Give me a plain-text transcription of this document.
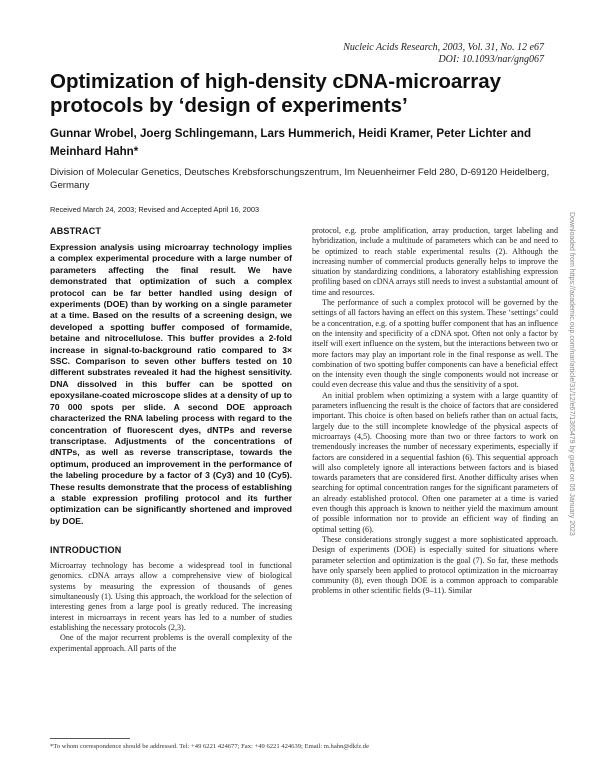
Nucleic Acids Research, 2003, Vol. 31, No. 12 e67
DOI: 10.1093/nar/gng067
Optimization of high-density cDNA-microarray protocols by ‘design of experiments’
Gunnar Wrobel, Joerg Schlingemann, Lars Hummerich, Heidi Kramer, Peter Lichter and Meinhard Hahn*
Division of Molecular Genetics, Deutsches Krebsforschungszentrum, Im Neuenheimer Feld 280, D-69120 Heidelberg, Germany
Received March 24, 2003; Revised and Accepted April 16, 2003
ABSTRACT

Expression analysis using microarray technology implies a complex experimental procedure with a large number of parameters affecting the final result. We have demonstrated that optimization of such a complex protocol can be far better handled using design of experiments (DOE) than by working on a single parameter at a time. Based on the results of a screening design, we developed a spotting buffer composed of formamide, betaine and nitrocellulose. This buffer provides a 2-fold increase in signal-to-background ratio compared to 3× SSC. Comparison to seven other buffers tested on 10 different substrates revealed it had the highest sensitivity. DNA dissolved in this buffer can be spotted on epoxysilane-coated microscope slides at a density of up to 70 000 spots per slide. A second DOE approach characterized the RNA labeling process with regard to the concentration of fluorescent dyes, dNTPs and reverse transcriptase. Adjustments of the concentrations of dNTPs, as well as reverse transcriptase, towards the optimum, produced an improvement in the performance of the labeling procedure by a factor of 3 (Cy3) and 10 (Cy5). These results demonstrate that the process of establishing a stable expression profiling protocol and its further optimization can be significantly shortened and improved by DOE.

INTRODUCTION

Microarray technology has become a widespread tool in functional genomics. cDNA arrays allow a comprehensive view of biological systems by measuring the expression of thousands of genes simultaneously (1). Using this approach, the workload for the selection of interesting genes from a large pool is greatly reduced. The increasing interest in microarrays in recent years has led to a number of studies establishing the necessary protocols (2,3).

One of the major recurrent problems is the overall complexity of the experimental approach. All parts of the

protocol, e.g. probe amplification, array production, target labeling and hybridization, include a multitude of parameters which can be and need to be optimized to reach stable experimental results (2). Although the increasing number of commercial products generally helps to improve the situation by standardizing conditions, a laboratory establishing expression profiling based on cDNA arrays still needs to invest a substantial amount of time and resources.

The performance of such a complex protocol will be governed by the settings of all factors having an effect on this system. These ‘settings’ could be a concentration, e.g. of a spotting buffer component that has an influence on the intensity and specificity of a cDNA spot. Often not only a factor by itself will exert influence on the system, but the interactions between two or more factors may play an important role in the final response as well. The combination of two spotting buffer components can have a beneficial effect on the intensity even though the single components would not increase or could even decrease this value and thus the sensitivity of a spot.

An initial problem when optimizing a system with a large quantity of parameters influencing the result is the choice of factors that are considered important. This choice is often based on beliefs rather than on actual facts, largely due to the still incomplete knowledge of the physical aspects of microarrays (4,5). Choosing more than two or three factors to work on tremendously increases the number of necessary experiments, especially if factors are considered in a sequential fashion (6). This sequential approach will also completely ignore all interactions between factors and is biased towards parameters that are considered first. Another difficulty arises when searching for optimal concentration ranges for the significant parameters of an already established protocol. Often one parameter at a time is varied even though this approach is known to neither yield the maximum amount of possible information nor to provide an efficient way of finding an optimal setting (6).

These considerations strongly suggest a more sophisticated approach. Design of experiments (DOE) is especially suited for situations where parameter selection and optimization is the goal (7). So far, these methods have only sparsely been applied to protocol optimization in the microarray community (8), even though DOE is a common approach to comparable problems in other scientific fields (9–11). Similar

*To whom correspondence should be addressed. Tel: +49 6221 424677; Fax: +49 6221 424639; Email: m.hahn@dkfz.de
Downloaded from https://academic.oup.com/nar/article/31/12/e67/1365479 by guest on 05 January 2023
